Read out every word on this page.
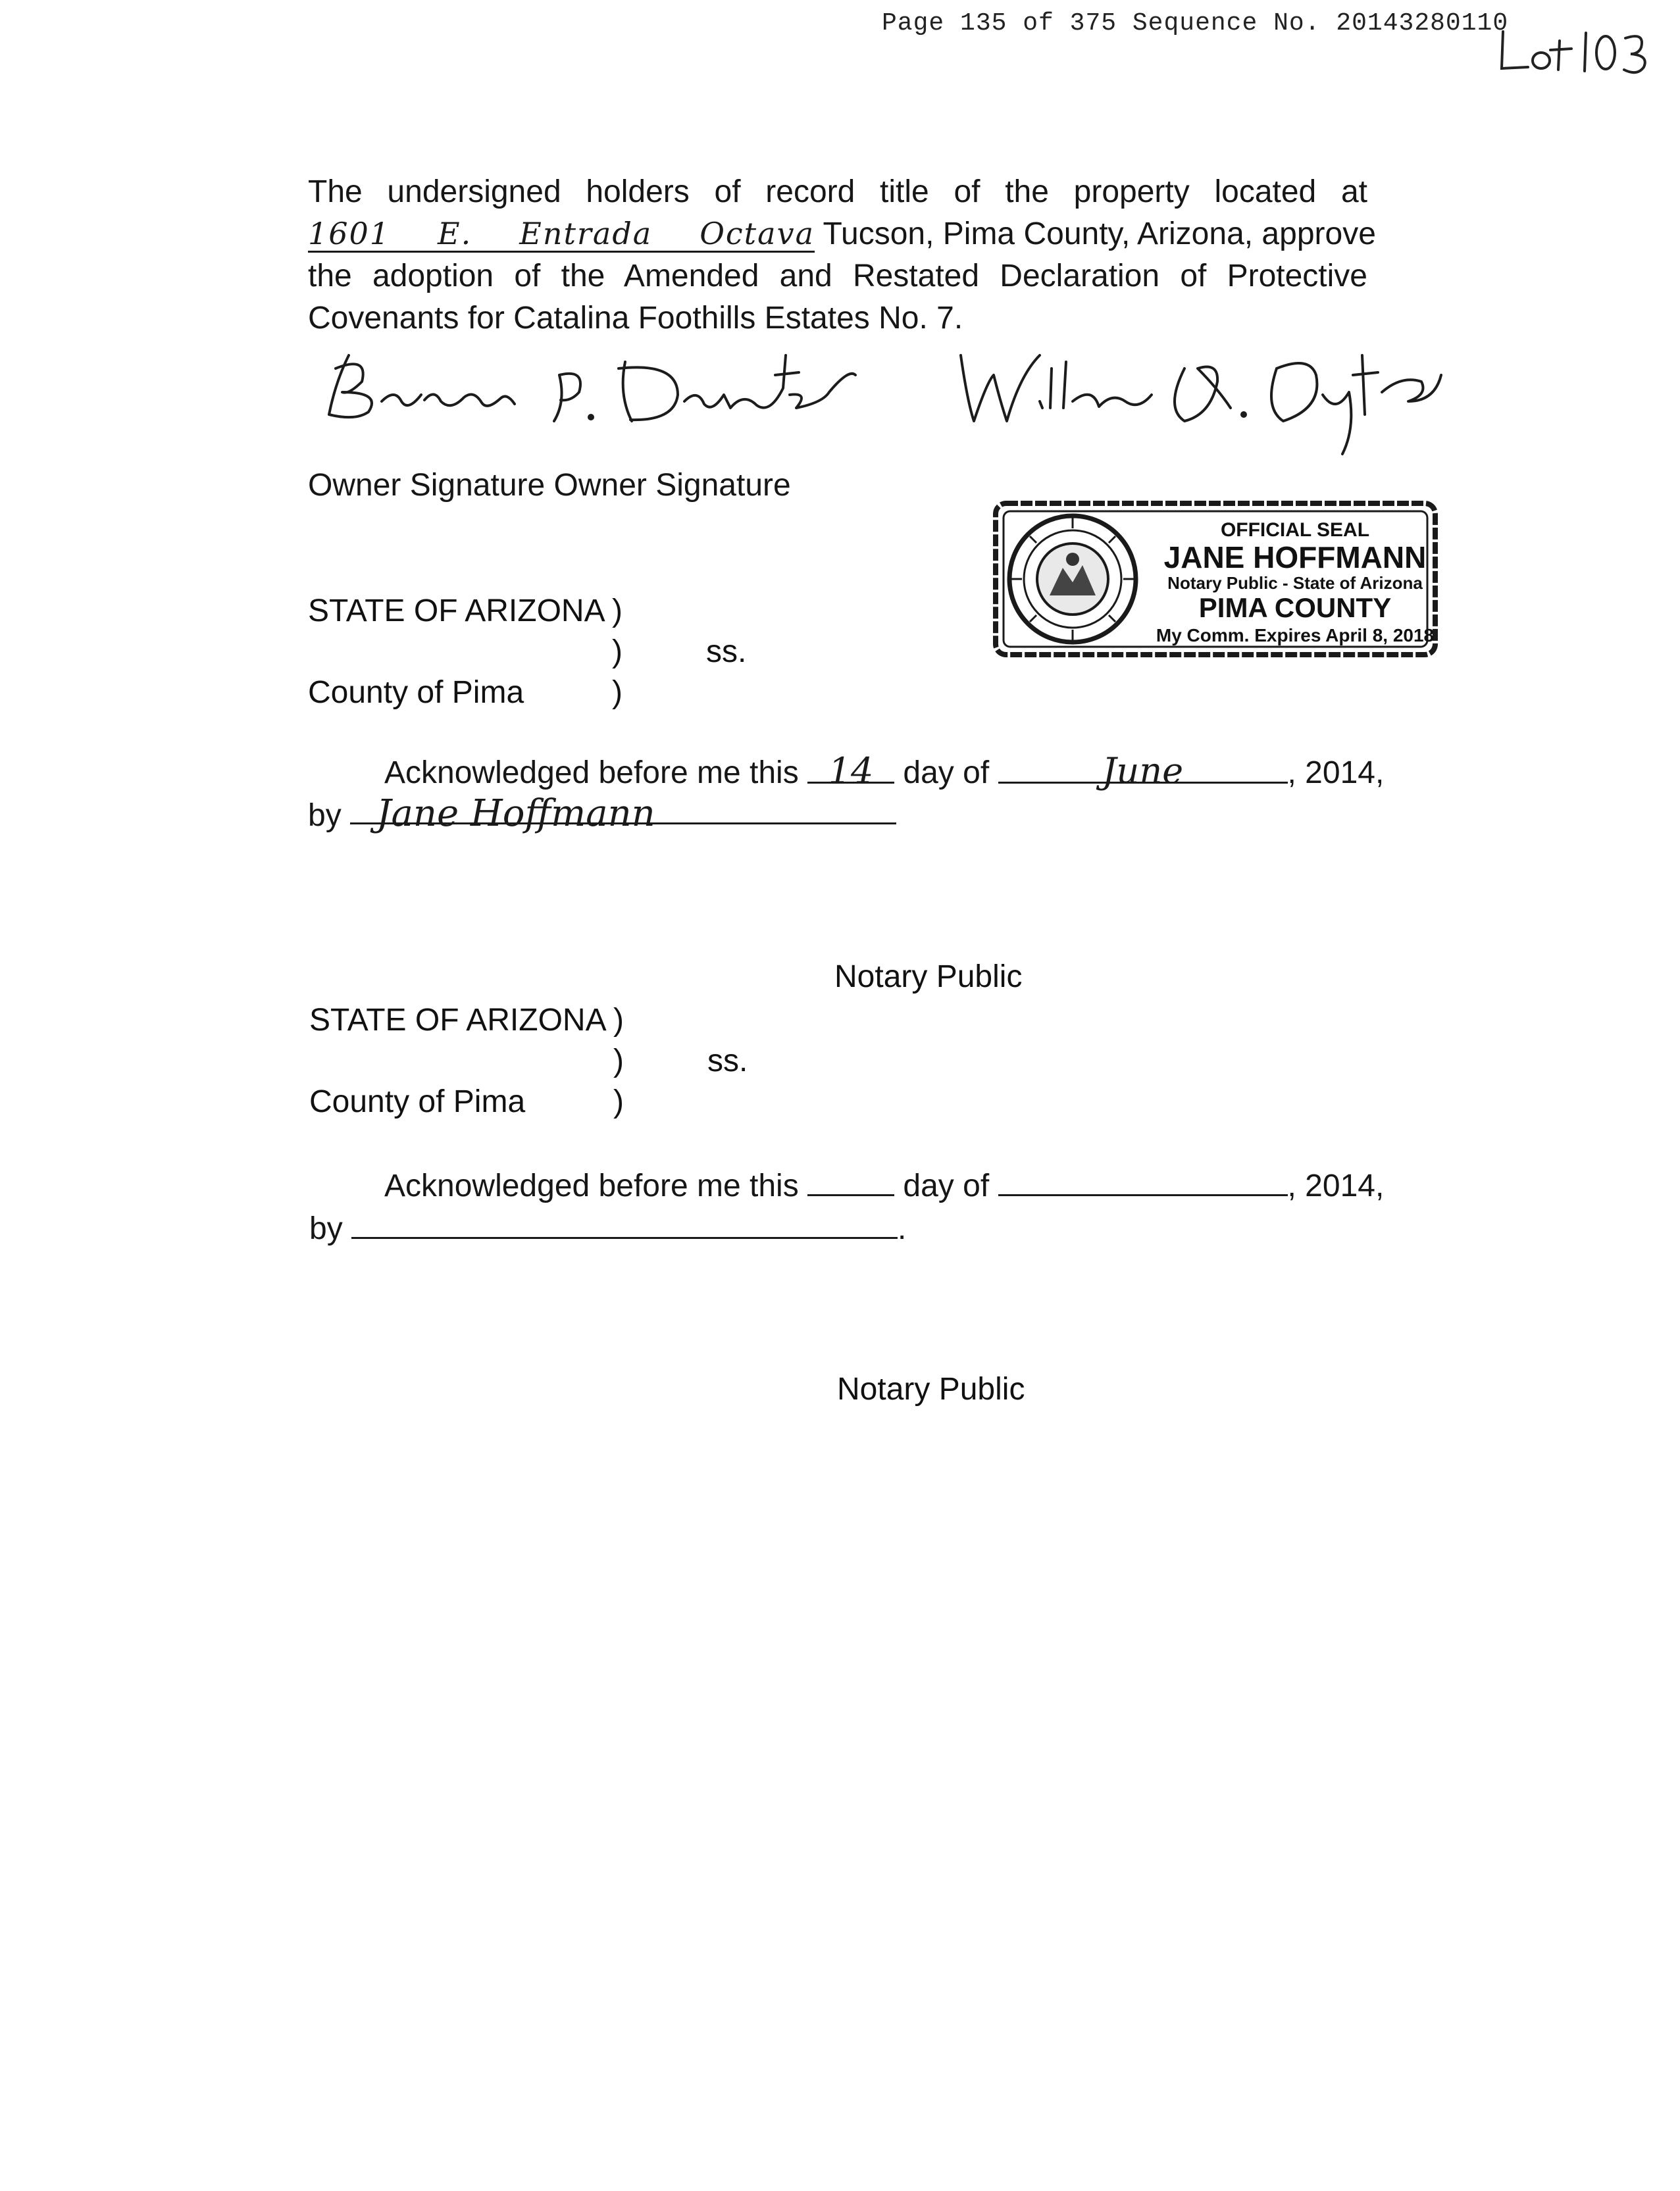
Page 135 of 375 Sequence No. 20143280110
The undersigned holders of record title of the property located at
1601 E. Entrada Octava Tucson, Pima County, Arizona, approve
the adoption of the Amended and Restated Declaration of Protective
Covenants for Catalina Foothills Estates No. 7.
Owner Signature Owner Signature
OFFICIAL SEAL
JANE HOFFMANN
Notary Public - State of Arizona
PIMA COUNTY
My Comm. Expires April 8, 2018
STATE OF ARIZONA )
)	ss.
County of Pima	)
Acknowledged before me this 14 day of	June	, 2014,
by Jane Hoffmann
Notary Public
STATE OF ARIZONA )
)	ss.
County of Pima	)
Acknowledged before me this	day of	, 2014,
by	.
Notary Public
